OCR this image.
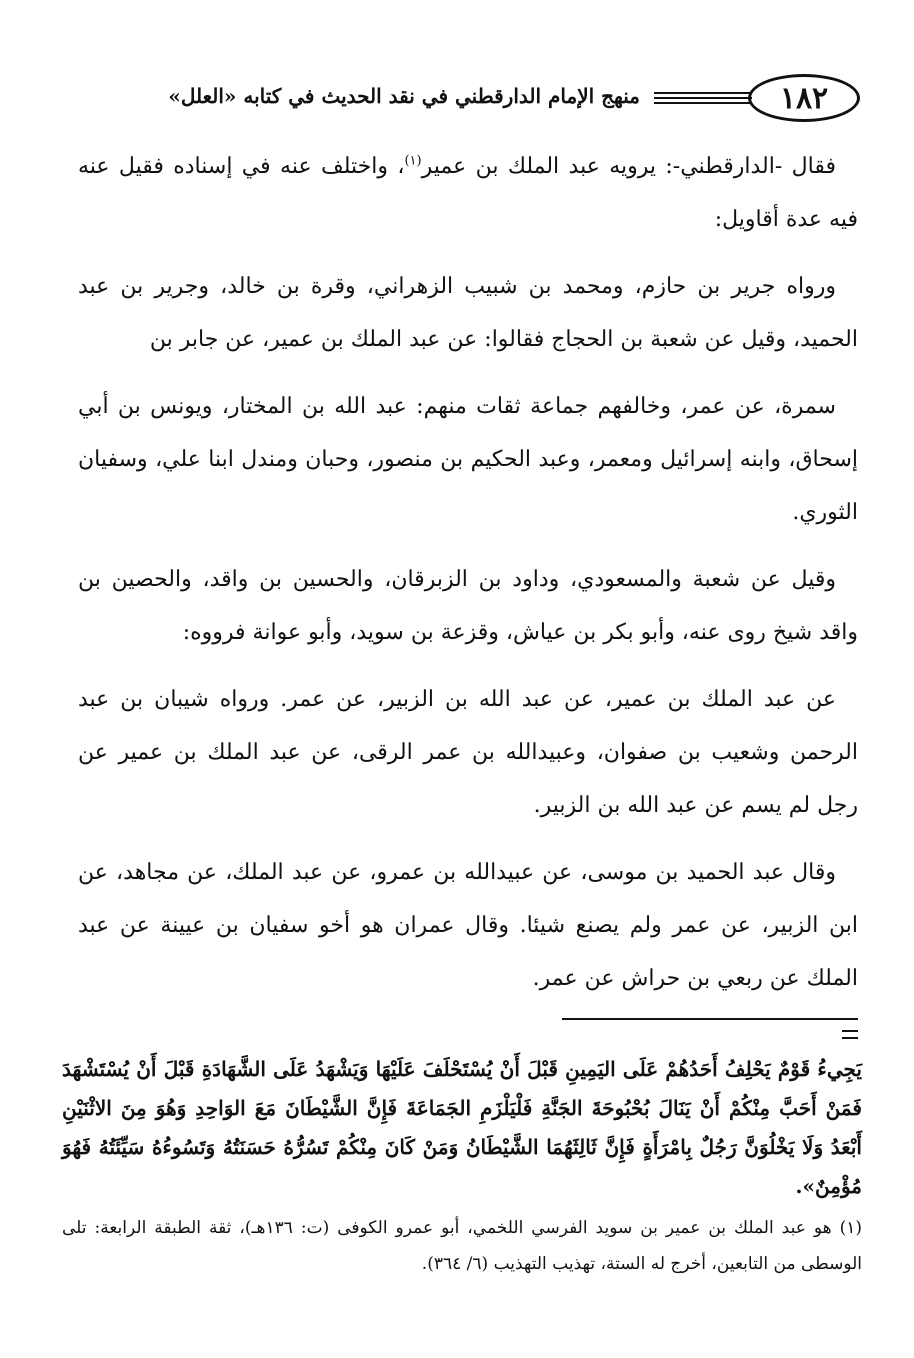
١٨٢
منهج الإمام الدارقطني في نقد الحديث في كتابه «العلل»

فقال -الدارقطني-: يرويه عبد الملك بن عمير$^{(١)}$، واختلف عنه في إسناده فقيل عنه فيه عدة أقاويل:

ورواه جرير بن حازم، ومحمد بن شبيب الزهراني، وقرة بن خالد، وجرير بن عبد الحميد، وقيل عن شعبة بن الحجاج فقالوا: عن عبد الملك بن عمير، عن جابر بن

سمرة، عن عمر، وخالفهم جماعة ثقات منهم: عبد الله بن المختار، ويونس بن أبي إسحاق، وابنه إسرائيل ومعمر، وعبد الحكيم بن منصور، وحبان ومندل ابنا علي، وسفيان الثوري.

وقيل عن شعبة والمسعودي، وداود بن الزبرقان، والحسين بن واقد، والحصين بن واقد شيخ روى عنه، وأبو بكر بن عياش، وقزعة بن سويد، وأبو عوانة فرووه:

عن عبد الملك بن عمير، عن عبد الله بن الزبير، عن عمر. ورواه شيبان بن عبد الرحمن وشعيب بن صفوان، وعبيدالله بن عمر الرقى، عن عبد الملك بن عمير عن رجل لم يسم عن عبد الله بن الزبير.

وقال عبد الحميد بن موسى، عن عبيدالله بن عمرو، عن عبد الملك، عن مجاهد، عن ابن الزبير، عن عمر ولم يصنع شيئا. وقال عمران هو أخو سفيان بن عيينة عن عبد الملك عن ربعي بن حراش عن عمر.

يَجِيءُ قَوْمٌ يَحْلِفُ أَحَدُهُمْ عَلَى اليَمِينِ قَبْلَ أَنْ يُسْتَحْلَفَ عَلَيْهَا وَيَشْهَدُ عَلَى الشَّهَادَةِ قَبْلَ أَنْ يُسْتَشْهَدَ فَمَنْ أَحَبَّ مِنْكُمْ أَنْ يَنَالَ بُحْبُوحَةَ الجَنَّةِ فَلْيَلْزَمِ الجَمَاعَةَ فَإِنَّ الشَّيْطَانَ مَعَ الوَاحِدِ وَهُوَ مِنَ الاثْنَيْنِ أَبْعَدُ وَلَا يَخْلُوَنَّ رَجُلٌ بِامْرَأَةٍ فَإِنَّ ثَالِثَهُمَا الشَّيْطَانُ وَمَنْ كَانَ مِنْكُمْ تَسُرُّهُ حَسَنَتُهُ وَتَسُوءُهُ سَيِّئَتُهُ فَهُوَ مُؤْمِنٌ».

(١) هو عبد الملك بن عمير بن سويد الفرسي اللخمي، أبو عمرو الكوفى (ت: ١٣٦هـ)، ثقة الطبقة الرابعة: تلى الوسطى من التابعين، أخرج له الستة، تهذيب التهذيب (٦/ ٣٦٤).
